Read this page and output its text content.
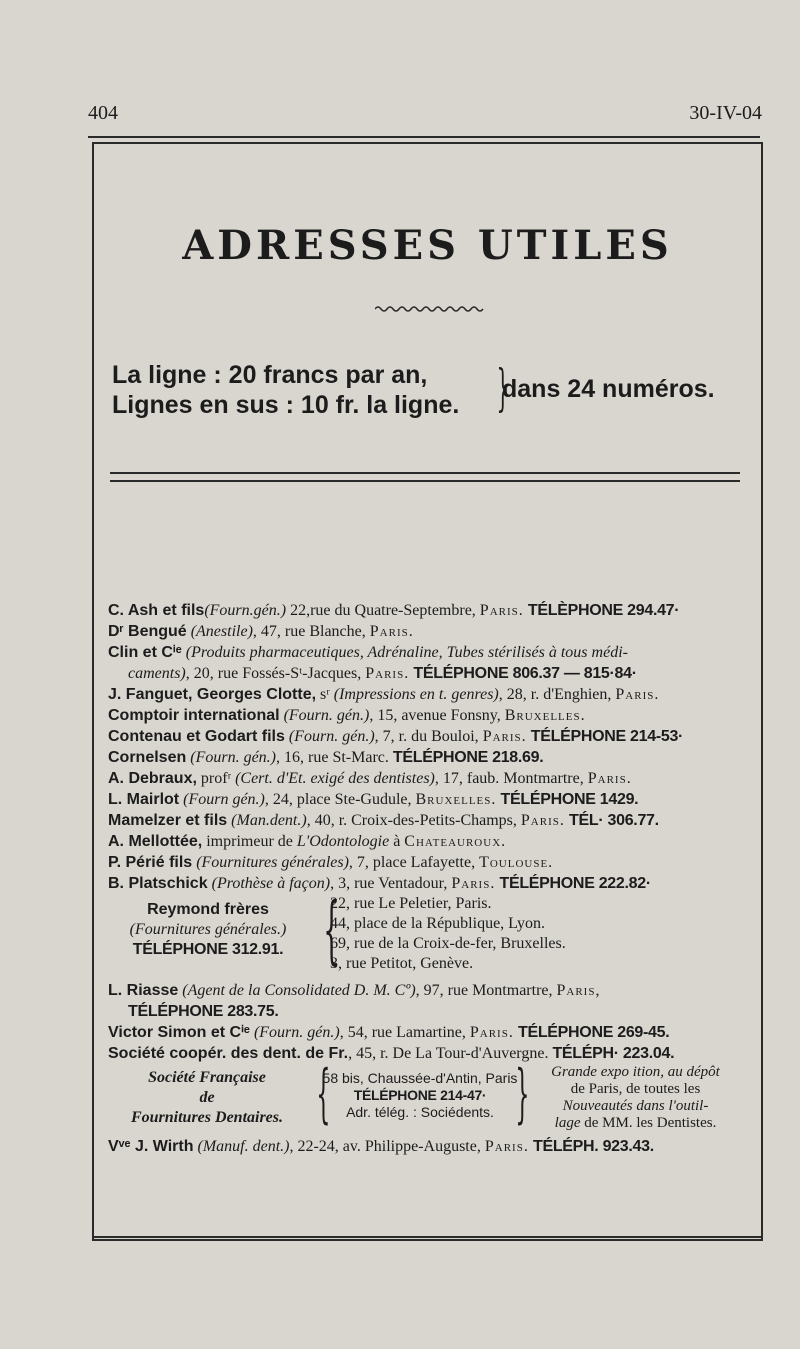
404	30-IV-04
ADRESSES UTILES
La ligne : 20 francs par an,
Lignes en sus : 10 fr. la ligne. }
dans 24 numéros.
C. Ash et fils(Fourn.gén.) 22,rue du Quatre-Septembre, Paris. TÉLÈPHONE 294.47·
Dʳ Bengué (Anestile), 47, rue Blanche, Paris.
Clin et Cⁱᵉ (Produits pharmaceutiques, Adrénaline, Tubes stérilisés à tous médi-
caments), 20, rue Fossés-Sᵗ-Jacques, Paris. TÉLÉPHONE 806.37 — 815·84·
J. Fanguet, Georges Clotte, sʳ (Impressions en t. genres), 28, r. d'Enghien, Paris.
Comptoir international (Fourn. gén.), 15, avenue Fonsny, Bruxelles.
Contenau et Godart fils (Fourn. gén.), 7, r. du Bouloi, Paris. TÉLÉPHONE 214-53·
Cornelsen (Fourn. gén.), 16, rue St-Marc. TÉLÉPHONE 218.69.
A. Debraux, profʳ (Cert. d'Et. exigé des dentistes), 17, faub. Montmartre, Paris.
L. Mairlot (Fourn gén.), 24, place Ste-Gudule, Bruxelles. TÉLÉPHONE 1429.
Mamelzer et fils (Man.dent.), 40, r. Croix-des-Petits-Champs, Paris. TÉL· 306.77.
A. Mellottée, imprimeur de L'Odontologie à Chateauroux.
P. Périé fils (Fournitures générales), 7, place Lafayette, Toulouse.
B. Platschick (Prothèse à façon), 3, rue Ventadour, Paris. TÉLÉPHONE 222.82·
Reymond frères
(Fournitures générales.)
TÉLÉPHONE 312.91. {
22, rue Le Peletier, Paris.
44, place de la République, Lyon.
69, rue de la Croix-de-fer, Bruxelles.
3, rue Petitot, Genève.
L. Riasse (Agent de la Consolidated D. M. Cº), 97, rue Montmartre, Paris,
TÉLÉPHONE 283.75.
Victor Simon et Cⁱᵉ (Fourn. gén.), 54, rue Lamartine, Paris. TÉLÉPHONE 269-45.
Société coopér. des dent. de Fr., 45, r. De La Tour-d'Auvergne. TÉLÉPH· 223.04.
Société Française
de
Fournitures Dentaires. {
58 bis, Chaussée-d'Antin, Paris
TÉLÉPHONE 214-47·
Adr. télég. : Sociédents. }	Grande expo ition, au dépôt
de Paris, de toutes les
Nouveautés dans l'outil-
lage de MM. les Dentistes.
Vᵛᵉ J. Wirth (Manuf. dent.), 22-24, av. Philippe-Auguste, Paris. TÉLÉPH. 923.43.
